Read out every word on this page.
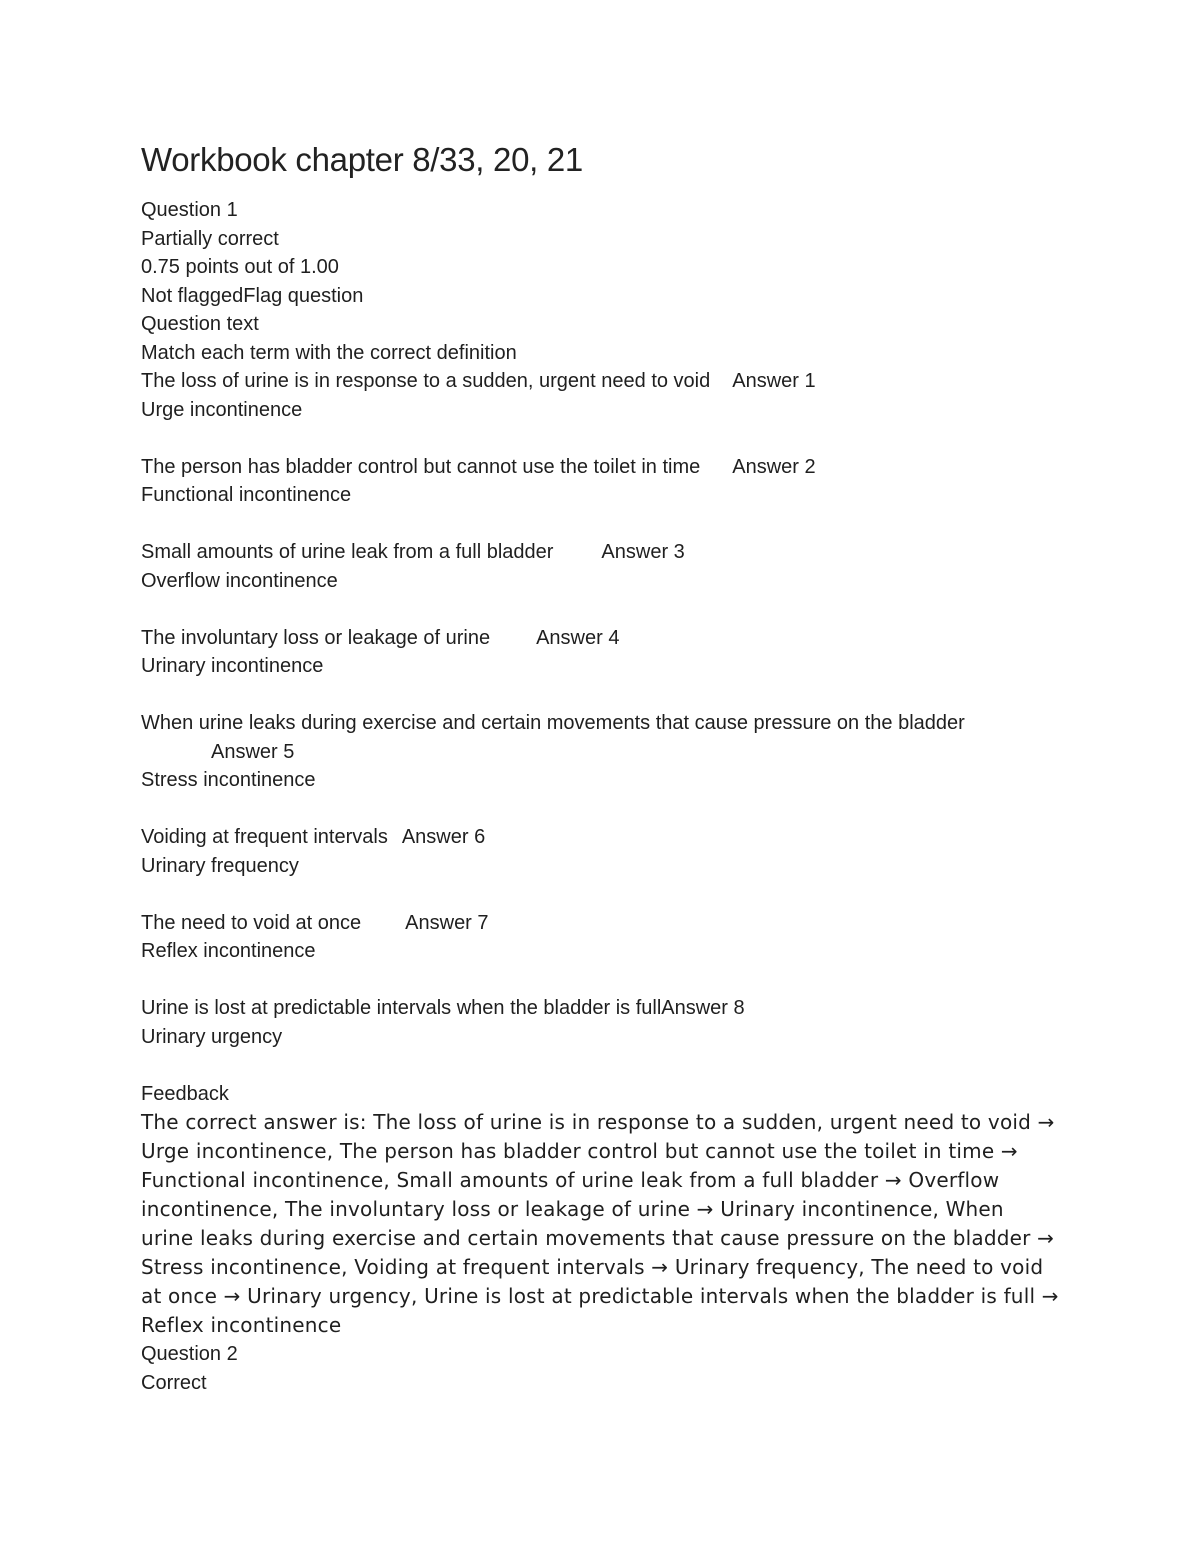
Workbook chapter 8/33, 20, 21

Question 1

Partially correct

0.75 points out of 1.00

Not flaggedFlag question

Question text

Match each term with the correct definition

The loss of urine is in response to a sudden, urgent need to void Answer 1

Urge incontinence

The person has bladder control but cannot use the toilet in time Answer 2

Functional incontinence

Small amounts of urine leak from a full bladder Answer 3

Overflow incontinence

The involuntary loss or leakage of urine Answer 4

Urinary incontinence

When urine leaks during exercise and certain movements that cause pressure on the bladder

Answer 5

Stress incontinence

Voiding at frequent intervals Answer 6

Urinary frequency

The need to void at once Answer 7

Reflex incontinence

Urine is lost at predictable intervals when the bladder is fullAnswer 8

Urinary urgency

Feedback

The correct answer is: The loss of urine is in response to a sudden, urgent need to void → Urge incontinence, The person has bladder control but cannot use the toilet in time → Functional incontinence, Small amounts of urine leak from a full bladder → Overflow incontinence, The involuntary loss or leakage of urine → Urinary incontinence, When urine leaks during exercise and certain movements that cause pressure on the bladder → Stress incontinence, Voiding at frequent intervals → Urinary frequency, The need to void at once → Urinary urgency, Urine is lost at predictable intervals when the bladder is full → Reflex incontinence

Question 2

Correct
